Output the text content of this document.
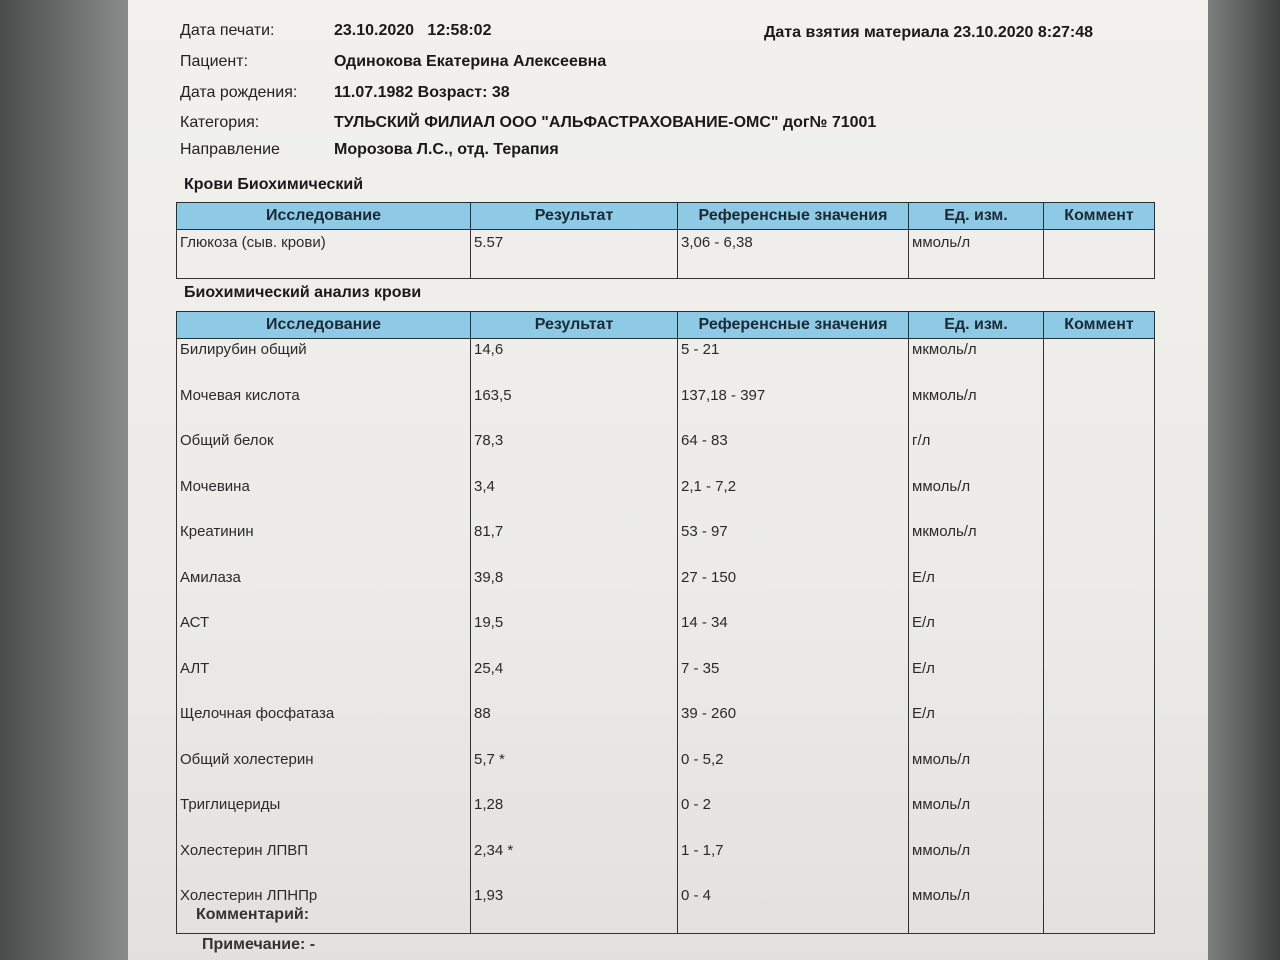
Дата печати:	23.10.2020   12:58:02	Дата взятия материала 23.10.2020 8:27:48
Пациент:	Одинокова Екатерина Алексеевна
Дата рождения: 11.07.1982 Возраст: 38
Категория:	ТУЛЬСКИЙ ФИЛИАЛ ООО "АЛЬФАСТРАХОВАНИЕ-ОМС" дог№ 71001
Направление	Морозова Л.С., отд. Терапия
Крови Биохимический
Исследование	Результат	Референсные значения	Ед. изм.	Коммент
Глюкоза (сыв. крови)	5.57	3,06 - 6,38	ммоль/л	
Биохимический анализ крови
Исследование	Результат	Референсные значения	Ед. изм.	Коммент
Билирубин общий	14,6	5 - 21	мкмоль/л	
Мочевая кислота	163,5	137,18 - 397	мкмоль/л	
Общий белок	78,3	64 - 83	г/л	
Мочевина	3,4	2,1 - 7,2	ммоль/л	
Креатинин	81,7	53 - 97	мкмоль/л	
Амилаза	39,8	27 - 150	Е/л	
АСТ	19,5	14 - 34	Е/л	
АЛТ	25,4	7 - 35	Е/л	
Щелочная фосфатаза	88	39 - 260	Е/л	
Общий холестерин	5,7 *	0 - 5,2	ммоль/л	
Триглицериды	1,28	0 - 2	ммоль/л	
Холестерин ЛПВП	2,34 *	1 - 1,7	ммоль/л	
Холестерин ЛПНПр	1,93	0 - 4	ммоль/л	
Комментарий:
Примечание: -
